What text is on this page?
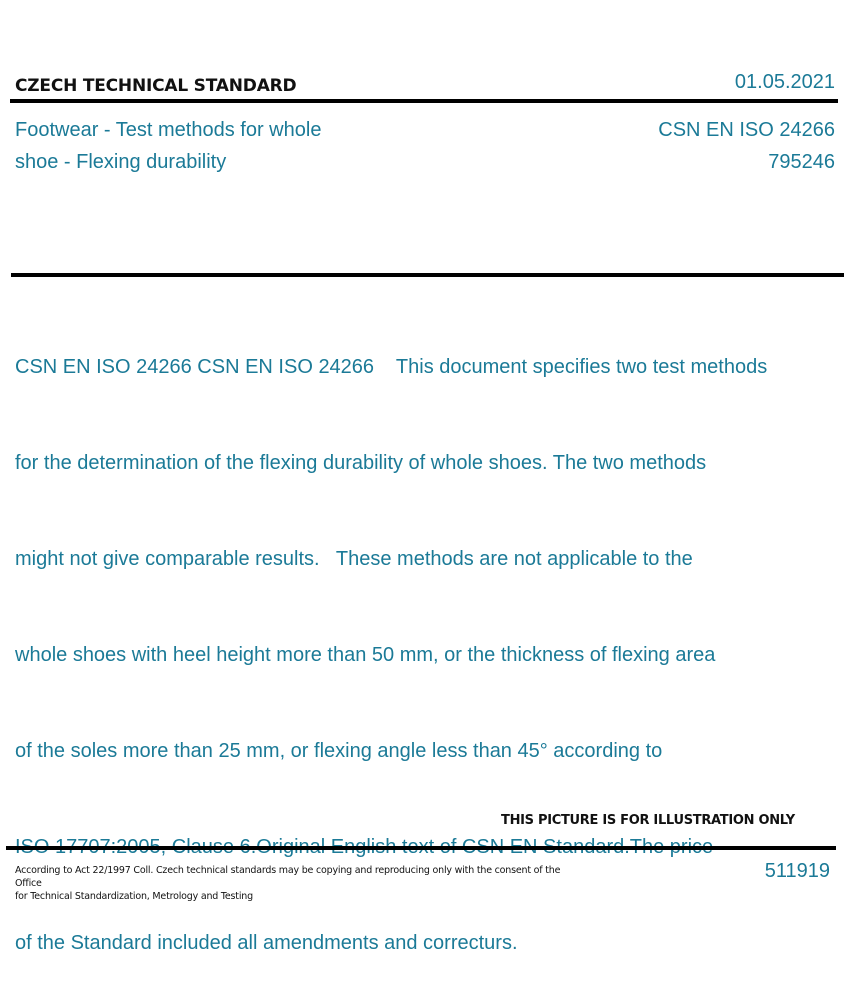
CZECH TECHNICAL STANDARD	01.05.2021
Footwear - Test methods for whole
shoe - Flexing durability
CSN EN ISO 24266
795246

CSN EN ISO 24266 CSN EN ISO 24266    This document specifies two test methods

for the determination of the flexing durability of whole shoes. The two methods

might not give comparable results.   These methods are not applicable to the

whole shoes with heel height more than 50 mm, or the thickness of flexing area

of the soles more than 25 mm, or flexing angle less than 45° according to

of the Standard included all amendments and correcturs.

THIS PICTURE IS FOR ILLUSTRATION ONLY
According to Act 22/1997 Coll. Czech technical standards may be copying and reproducing only with the consent of the Office
for Technical Standardization, Metrology and Testing
511919
